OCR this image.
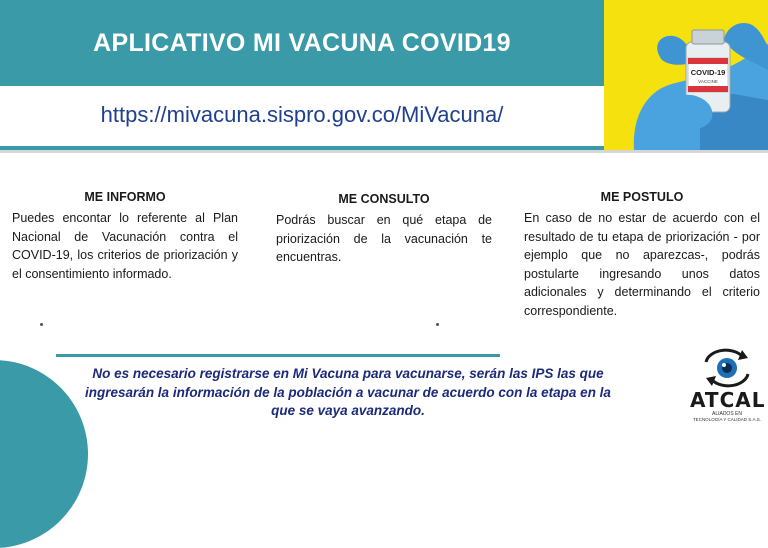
APLICATIVO MI VACUNA COVID19
COVID-19
VACCINE
https://mivacuna.sispro.gov.co/MiVacuna/
ME INFORMO

Puedes encontar lo referente al Plan Nacional de Vacunación contra el COVID-19, los criterios de priorización y el consentimiento informado.

ME CONSULTO

Podrás buscar en qué etapa de priorización de la vacunación te encuentras.

ME POSTULO

En caso de no estar de acuerdo con el resultado de tu etapa de priorización - por ejemplo que no aparezcas-, podrás postularte ingresando unos datos adicionales y determinando el criterio correspondiente.

No es necesario registrarse en Mi Vacuna para vacunarse, serán las IPS las que ingresarán la información de la población a vacunar de acuerdo con la etapa en la que se vaya avanzando.	ATCAL
ALIADOS EN
TECNOLOGÍA Y CALIDAD S.A.S.
